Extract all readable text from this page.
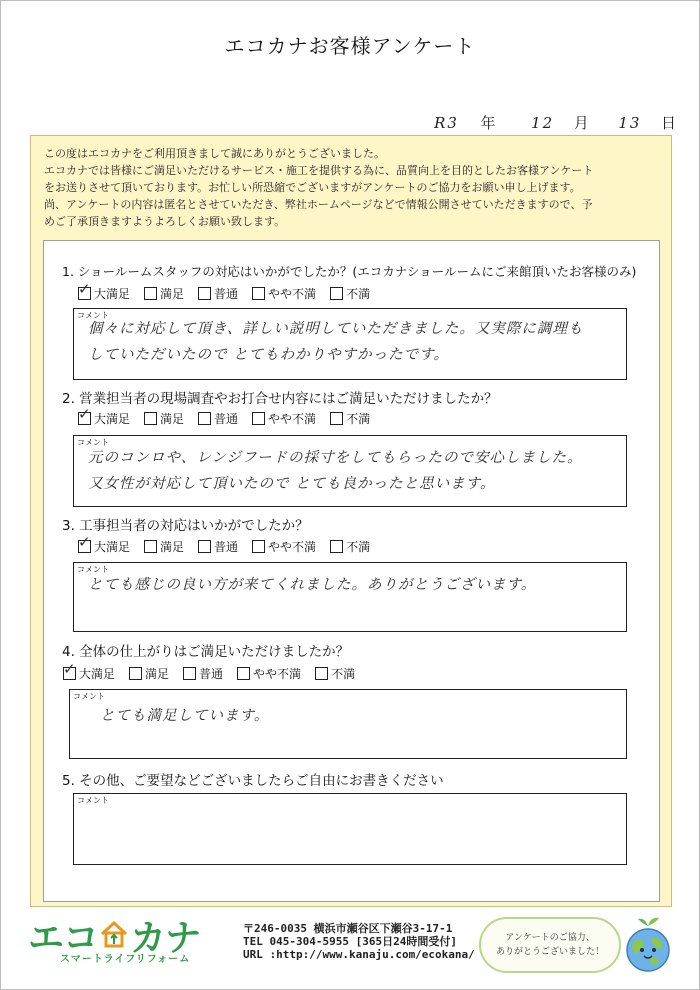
エコカナお客様アンケート
R3 年 12 月 13 日
この度はエコカナをご利用頂きまして誠にありがとうございました。
エコカナでは皆様にご満足いただけるサービス・施工を提供する為に、品質向上を目的としたお客様アンケート
をお送りさせて頂いております。お忙しい所恐縮でございますがアンケートのご協力をお願い申し上げます。
尚、アンケートの内容は匿名とさせていただき、弊社ホームページなどで情報公開させていただきますので、予
めご了承頂きますようよろしくお願い致します。
1. ショールームスタッフの対応はいかがでしたか？(エコカナショールームにご来館頂いたお客様のみ)
✓ 大満足	満足	普通	やや不満	不満
コメント
個々に対応して頂き、詳しい説明していただきました。又実際に調理も
していただいたので とてもわかりやすかったです。
2. 営業担当者の現場調査やお打合せ内容にはご満足いただけましたか？
✓ 大満足	満足	普通	やや不満	不満
コメント
元のコンロや、レンジフードの採寸をしてもらったので安心しました。
又女性が対応して頂いたので とても良かったと思います。
3. 工事担当者の対応はいかがでしたか？
✓ 大満足	満足	普通	やや不満	不満
コメント
とても感じの良い方が来てくれました。ありがとうございます。
4. 全体の仕上がりはご満足いただけましたか？
✓ 大満足	満足	普通	やや不満	不満
コメント
とても満足しています。
5. その他、ご要望などございましたらご自由にお書きください
コメント
エコ カナ
スマートライフリフォーム
〒246-0035 横浜市瀬谷区下瀬谷3-17-1
TEL 045-304-5955 [365日24時間受付]
URL :http://www.kanaju.com/ecokana/
アンケートのご協力、
ありがとうございました！
